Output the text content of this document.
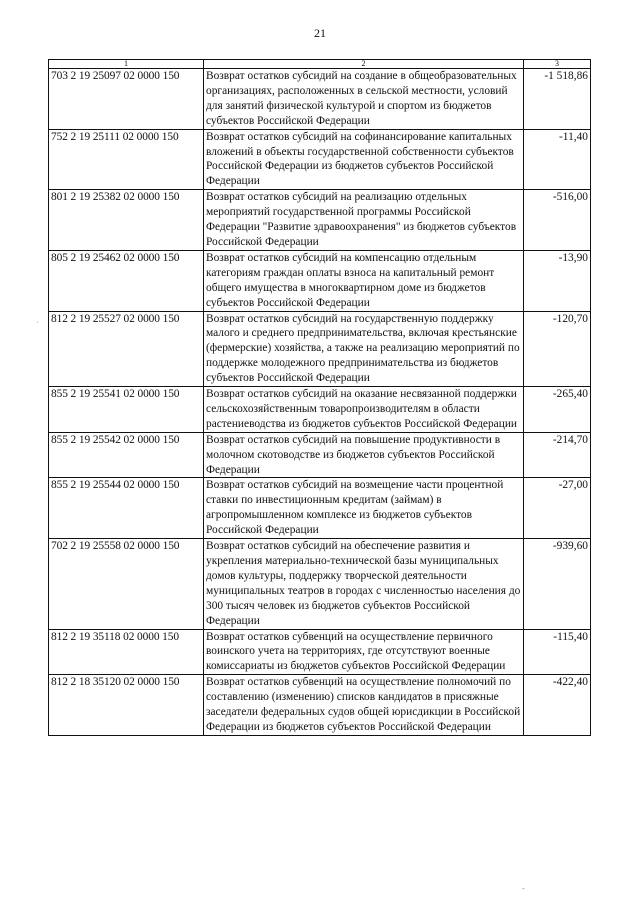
21
1	2	3
703 2 19 25097 02 0000 150	Возврат остатков субсидий на создание в общеобразовательных организациях, расположенных в сельской местности, условий для занятий физической культурой и спортом из бюджетов субъектов Российской Федерации	-1 518,86
752 2 19 25111 02 0000 150	Возврат остатков субсидий на софинансирование капитальных вложений в объекты государственной собственности субъектов Российской Федерации из бюджетов субъектов Российской Федерации	-11,40
801 2 19 25382 02 0000 150	Возврат остатков субсидий на реализацию отдельных мероприятий государственной программы Российской Федерации "Развитие здравоохранения" из бюджетов субъектов Российской Федерации	-516,00
805 2 19 25462 02 0000 150	Возврат остатков субсидий на компенсацию отдельным категориям граждан оплаты взноса на капитальный ремонт общего имущества в многоквартирном доме из бюджетов субъектов Российской Федерации	-13,90
812 2 19 25527 02 0000 150	Возврат остатков субсидий на государственную поддержку малого и среднего предпринимательства, включая крестьянские (фермерские) хозяйства, а также на реализацию мероприятий по поддержке молодежного предпринимательства из бюджетов субъектов Российской Федерации	-120,70
855 2 19 25541 02 0000 150	Возврат остатков субсидий на оказание несвязанной поддержки сельскохозяйственным товаропроизводителям в области растениеводства из бюджетов субъектов Российской Федерации	-265,40
855 2 19 25542 02 0000 150	Возврат остатков субсидий на повышение продуктивности в молочном скотоводстве из бюджетов субъектов Российской Федерации	-214,70
855 2 19 25544 02 0000 150	Возврат остатков субсидий на возмещение части процентной ставки по инвестиционным кредитам (займам) в агропромышленном комплексе из бюджетов субъектов Российской Федерации	-27,00
702 2 19 25558 02 0000 150	Возврат остатков субсидий на обеспечение развития и укрепления материально-технической базы муниципальных домов культуры, поддержку творческой деятельности муниципальных театров в городах с численностью населения до 300 тысяч человек из бюджетов субъектов Российской Федерации	-939,60
812 2 19 35118 02 0000 150	Возврат остатков субвенций на осуществление первичного воинского учета на территориях, где отсутствуют военные комиссариаты из бюджетов субъектов Российской Федерации	-115,40
812 2 18 35120 02 0000 150	Возврат остатков субвенций на осуществление полномочий по составлению (изменению) списков кандидатов в присяжные заседатели федеральных судов общей юрисдикции в Российской Федерации из бюджетов субъектов Российской Федерации	-422,40
·
-
